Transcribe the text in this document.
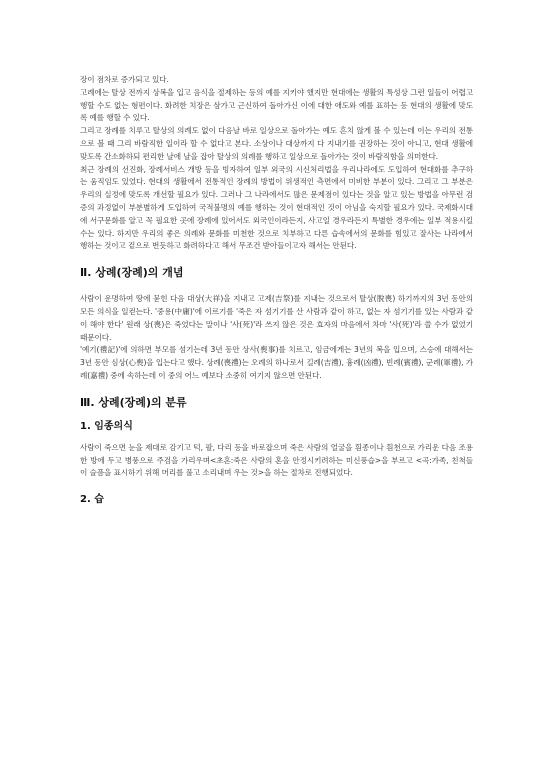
장이 점차로 증가되고 있다.

고례에는 탈상 전까지 상복을 입고 음식을 절제하는 등의 예를 지키야 했지만 현대에는 생활의 특성상 그런 일들이 어렵고 행할 수도 없는 형편이다. 화려한 치장은 삼가고 근신하여 돌아가신 이에 대한 애도와 예를 표하는 등 현대의 생활에 맞도록 예를 행할 수 있다.

그리고 장례를 치루고 탈상의 의례도 없이 다음날 바로 일상으로 돌아가는 예도 흔치 않게 볼 수 있는데 이는 우리의 전통으로 볼 때 그리 바람직한 일이라 할 수 없다고 본다. 소상이나 대상까지 다 지내기를 권장하는 것이 아니고, 현대 생활에 맞도록 간소화하되 편리한 날에 날을 잡아 탈상의 의례를 행하고 일상으로 돌아가는 것이 바람직함을 의미한다.

최근 장례의 선진화, 장례서비스 개방 등을 빙자하여 일부 외국의 시신처리법을 우리나라에도 도입하여 현대화를 추구하는 움직임도 있었다. 현대의 생활에서 전통적인 장례의 방법이 위생적인 측면에서 미비한 부분이 있다. 그리고 그 부분은 우리의 실정에 맞도록 개선할 필요가 있다. 그러나 그 나라에서도 많은 문제점이 있다는 것을 알고 있는 방법을 아무런 검증의 과정없이 부분별하게 도입하여 국적불명의 예를 행하는 것이 현대적인 것이 아님을 숙지할 필요가 있다. 국제화시대에 서구문화를 알고 꼭 필요한 곳에 장례에 있어서도 외국인이라든지, 사고일 경우라든지 특별한 경우에는 일부 적용시킬 수는 있다. 하지만 우리의 좋은 의례와 문화를 미천한 것으로 치부하고 다른 습속에서의 문화를 힘있고 잘사는 나라에서 행하는 것이고 겉으로 번듯하고 화려하다고 해서 무조건 받아들이고자 해서는 안된다.

Ⅱ. 상례(장례)의 개념

사람이 운명하여 땅에 묻힌 다음 대상(大祥)을 지내고 고제(吉祭)를 지내는 것으로서 탈상(脫喪) 하기까지의 3년 동안의 모든 의식을 일컫는다. '중용(中庸)'에 이르기를 '죽은 자 섬기기를 산 사람과 같이 하고, 없는 자 섬기기를 있는 사람과 같이 해야 한다' 원래 상(喪)은 죽었다는 말이나 '사(死)'라 쓰지 않은 것은 효자의 마음에서 차마 '사(死)'라 쓸 수가 없었기 때문이다.

'예기(禮記)'에 의하면 부모를 섬기는데 3년 동안 상사(喪事)를 치르고, 임금에게는 3년의 복을 입으며, 스승에 대해서는 3년 동안 심상(心喪)을 입는다고 했다. 상례(喪禮)는 오례의 하나로서 길례(吉禮), 흉례(凶禮), 빈례(賓禮), 군례(軍禮), 가례(嘉禮) 중에 속하는데 이 중의 어느 예보다 소중히 여기지 않으면 안된다.

Ⅲ. 상례(장례)의 분류
1. 임종의식

사람이 죽으면 눈을 제대로 감기고 턱, 팔, 다리 등을 바로잡으며 죽은 사람의 얼굴을 흰종이나 흰천으로 가리운 다음 조용한 방에 두고 병풍으로 주검을 가리우며<초혼:죽은 사람의 혼을 안정시키려하는 미신풍습>을 부르고 <곡:가족, 친척들이 슬픔을 표시하기 위해 머리를 풀고 소리내며 우는 것>을 하는 절차로 진행되었다.

2. 습
